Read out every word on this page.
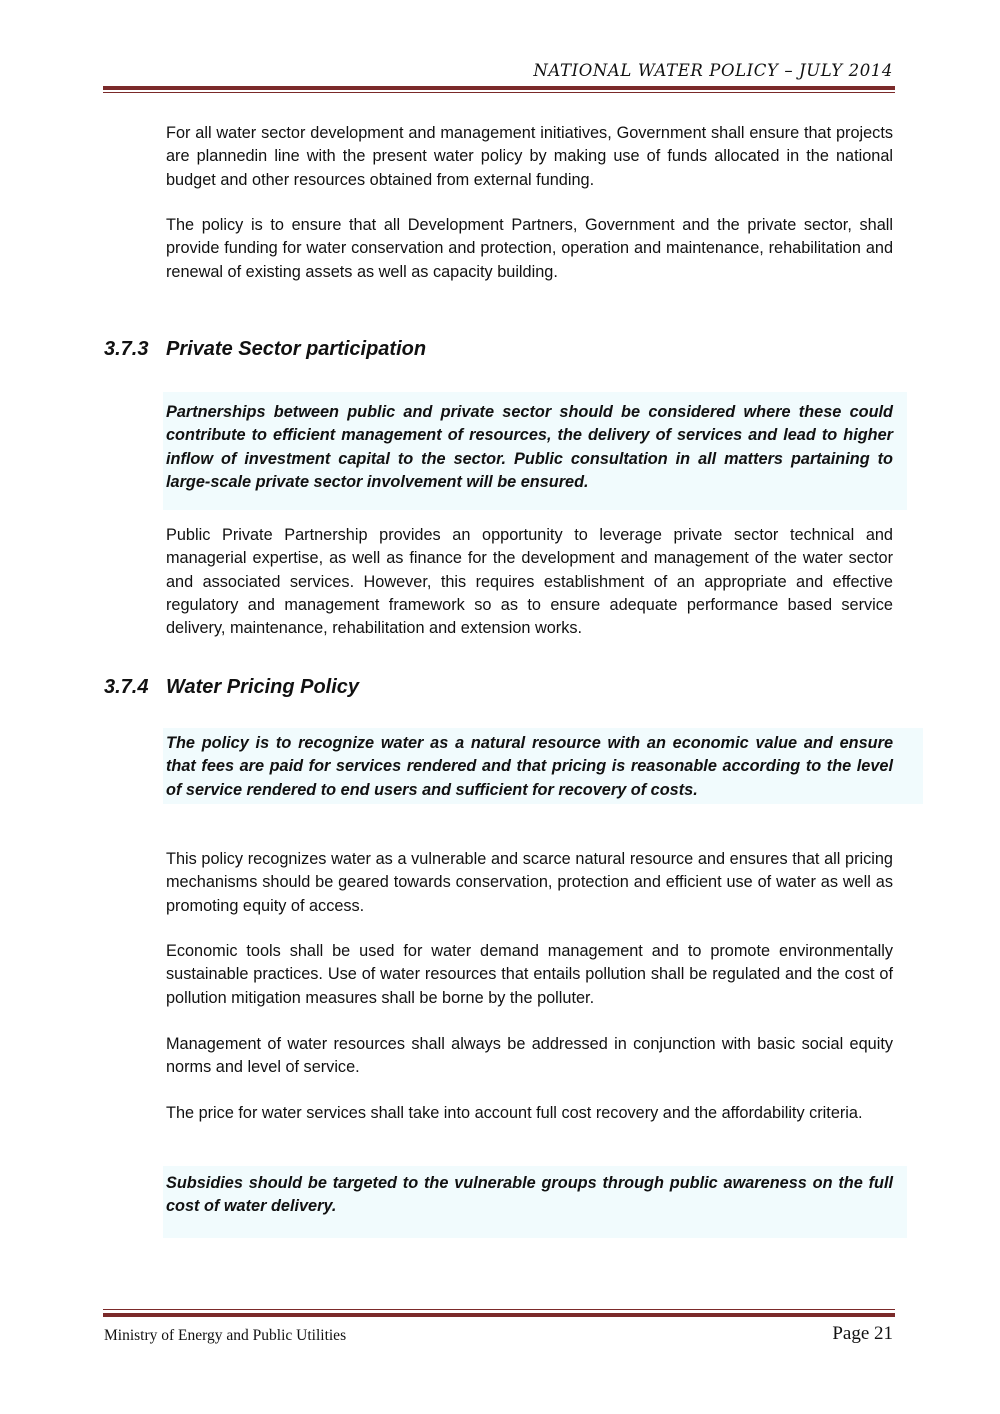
NATIONAL WATER POLICY – JULY 2014

For all water sector development and management initiatives, Government shall ensure that projects are plannedin line with the present water policy by making use of funds allocated in the national budget and other resources obtained from external funding.

The policy is to ensure that all Development Partners, Government and the private sector, shall provide funding for water conservation and protection, operation and maintenance, rehabilitation and renewal of existing assets as well as capacity building.

3.7.3 Private Sector participation

Partnerships between public and private sector should be considered where these could contribute to efficient management of resources, the delivery of services and lead to higher inflow of investment capital to the sector. Public consultation in all matters partaining to large-scale private sector involvement will be ensured.

Public Private Partnership provides an opportunity to leverage private sector technical and managerial expertise, as well as finance for the development and management of the water sector and associated services. However, this requires establishment of an appropriate and effective regulatory and management framework so as to ensure adequate performance based service delivery, maintenance, rehabilitation and extension works.

3.7.4 Water Pricing Policy

The policy is to recognize water as a natural resource with an economic value and ensure that fees are paid for services rendered and that pricing is reasonable according to the level of service rendered to end users and sufficient for recovery of costs.

This policy recognizes water as a vulnerable and scarce natural resource and ensures that all pricing mechanisms should be geared towards conservation, protection and efficient use of water as well as promoting equity of access.

Economic tools shall be used for water demand management and to promote environmentally sustainable practices. Use of water resources that entails pollution shall be regulated and the cost of pollution mitigation measures shall be borne by the polluter.

Management of water resources shall always be addressed in conjunction with basic social equity norms and level of service.

The price for water services shall take into account full cost recovery and the affordability criteria.

Subsidies should be targeted to the vulnerable groups through public awareness on the full cost of water delivery.

Ministry of Energy and Public Utilities	Page 21
